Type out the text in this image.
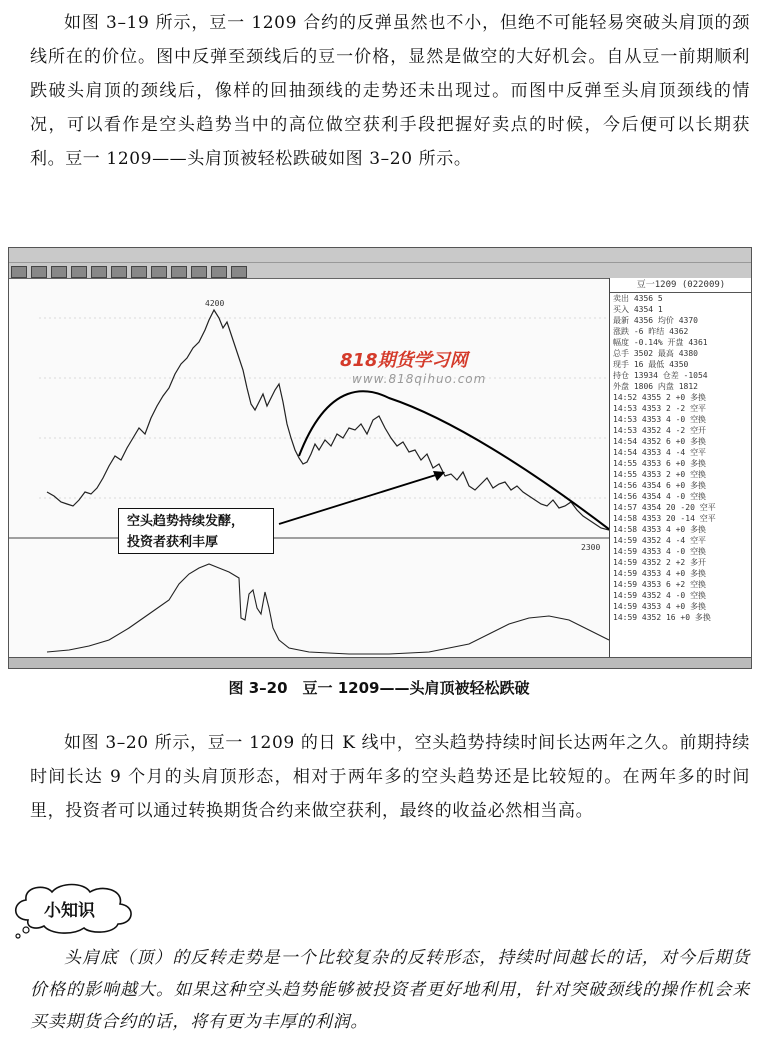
如图 3–19 所示，豆一 1209 合约的反弹虽然也不小，但绝不可能轻易突破头肩顶的颈线所在的价位。图中反弹至颈线后的豆一价格，显然是做空的大好机会。自从豆一前期顺利跌破头肩顶的颈线后，像样的回抽颈线的走势还未出现过。而图中反弹至头肩顶颈线的情况，可以看作是空头趋势当中的高位做空获利手段把握好卖点的时候，今后便可以长期获利。豆一 1209——头肩顶被轻松跌破如图 3–20 所示。
4200
2300
豆一1209 (022009)
卖出 4356 5
买入 4354 1
最新 4356 均价 4370
涨跌 -6 昨结 4362
幅度 -0.14% 开盘 4361
总手 3502 最高 4380
现手 16 最低 4350
持仓 13934 仓差 -1054
外盘 1806 内盘 1812
14:52 4355 2 +0 多换
14:53 4353 2 -2 空平
14:53 4353 4 -0 空换
14:53 4352 4 -2 空开
14:54 4352 6 +0 多换
14:54 4353 4 -4 空平
14:55 4353 6 +0 多换
14:55 4353 2 +0 空换
14:56 4354 6 +0 多换
14:56 4354 4 -0 空换
14:57 4354 20 -20 空平
14:58 4353 20 -14 空平
14:58 4353 4 +0 多换
14:59 4352 4 -4 空平
14:59 4353 4 -0 空换
14:59 4352 2 +2 多开
14:59 4353 4 +0 多换
14:59 4353 6 +2 空换
14:59 4352 4 -0 空换
14:59 4353 4 +0 多换
14:59 4352 16 +0 多换
818期货学习网
www.818qihuo.com
空头趋势持续发酵，
投资者获利丰厚
图 3–20　豆一 1209——头肩顶被轻松跌破
如图 3–20 所示，豆一 1209 的日 K 线中，空头趋势持续时间长达两年之久。前期持续时间长达 9 个月的头肩顶形态，相对于两年多的空头趋势还是比较短的。在两年多的时间里，投资者可以通过转换期货合约来做空获利，最终的收益必然相当高。
小知识
头肩底（顶）的反转走势是一个比较复杂的反转形态，持续时间越长的话，对今后期货价格的影响越大。如果这种空头趋势能够被投资者更好地利用，针对突破颈线的操作机会来买卖期货合约的话，将有更为丰厚的利润。
